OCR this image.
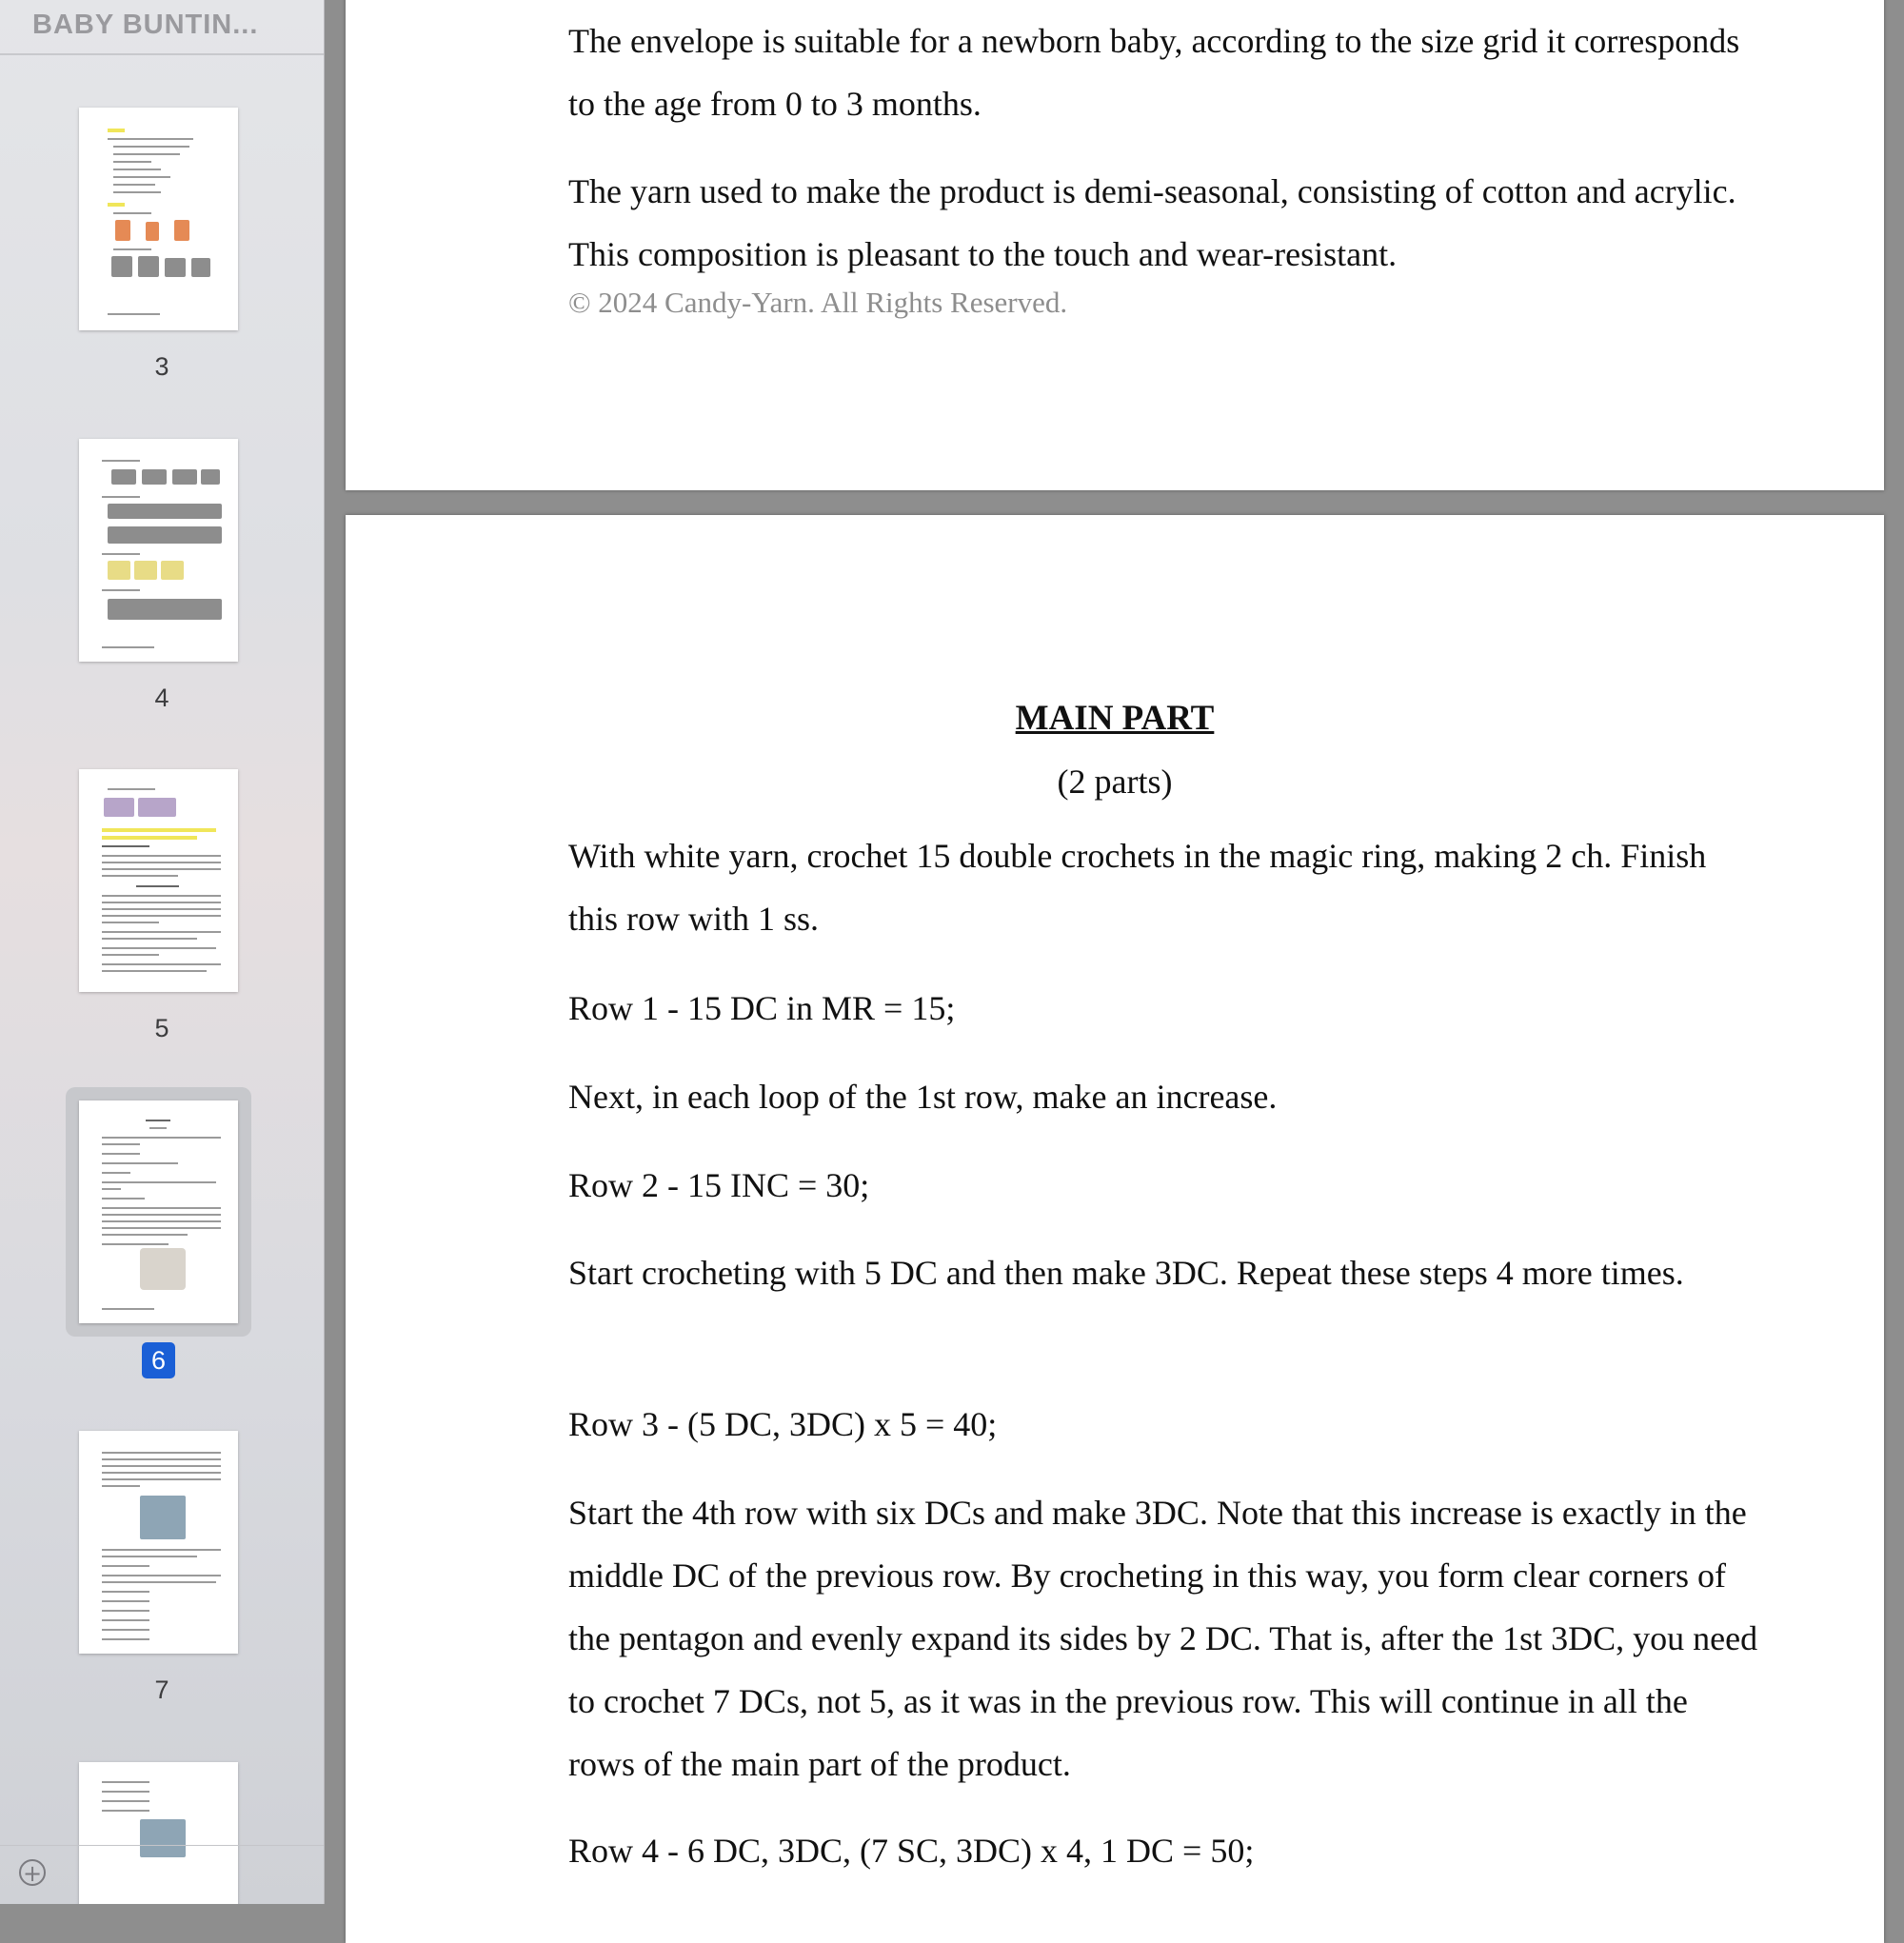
BABY BUNTIN...
3
4
5
6
7
+
The envelope is suitable for a newborn baby, according to the size grid it corresponds to the age from 0 to 3 months.
The yarn used to make the product is demi-seasonal, consisting of cotton and acrylic. This composition is pleasant to the touch and wear-resistant.
© 2024 Candy-Yarn. All Rights Reserved.
MAIN PART
(2 parts)
With white yarn, crochet 15 double crochets in the magic ring, making 2 ch. Finish this row with 1 ss.
Row 1 - 15 DC in MR = 15;
Next, in each loop of the 1st row, make an increase.
Row 2 - 15 INC = 30;
Start crocheting with 5 DC and then make 3DC. Repeat these steps 4 more times.
Row 3 - (5 DC, 3DC) x 5 = 40;
Start the 4th row with six DCs and make 3DC. Note that this increase is exactly in the middle DC of the previous row. By crocheting in this way, you form clear corners of the pentagon and evenly expand its sides by 2 DC. That is, after the 1st 3DC, you need to crochet 7 DCs, not 5, as it was in the previous row. This will continue in all the rows of the main part of the product.
Row 4 - 6 DC, 3DC, (7 SC, 3DC) x 4, 1 DC = 50;
